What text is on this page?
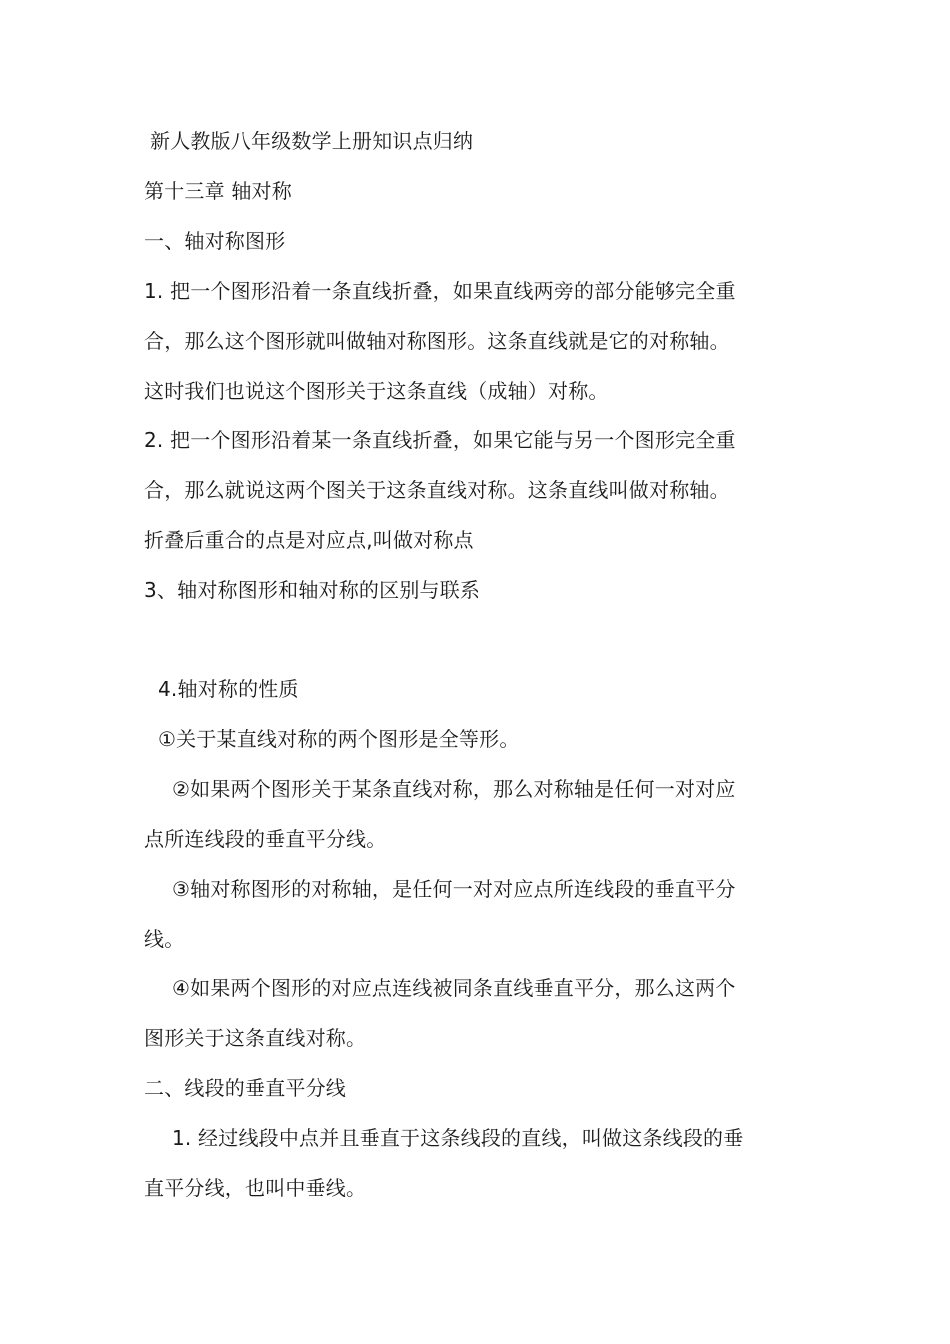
新人教版八年级数学上册知识点归纳
第十三章 轴对称
一、轴对称图形
1. 把一个图形沿着一条直线折叠，如果直线两旁的部分能够完全重
合，那么这个图形就叫做轴对称图形。这条直线就是它的对称轴。
这时我们也说这个图形关于这条直线（成轴）对称。
2. 把一个图形沿着某一条直线折叠，如果它能与另一个图形完全重
合，那么就说这两个图关于这条直线对称。这条直线叫做对称轴。
折叠后重合的点是对应点,叫做对称点
3、轴对称图形和轴对称的区别与联系
4.轴对称的性质
①关于某直线对称的两个图形是全等形。
②如果两个图形关于某条直线对称，那么对称轴是任何一对对应
点所连线段的垂直平分线。
③轴对称图形的对称轴，是任何一对对应点所连线段的垂直平分
线。
④如果两个图形的对应点连线被同条直线垂直平分，那么这两个
图形关于这条直线对称。
二、线段的垂直平分线
1. 经过线段中点并且垂直于这条线段的直线，叫做这条线段的垂
直平分线，也叫中垂线。
